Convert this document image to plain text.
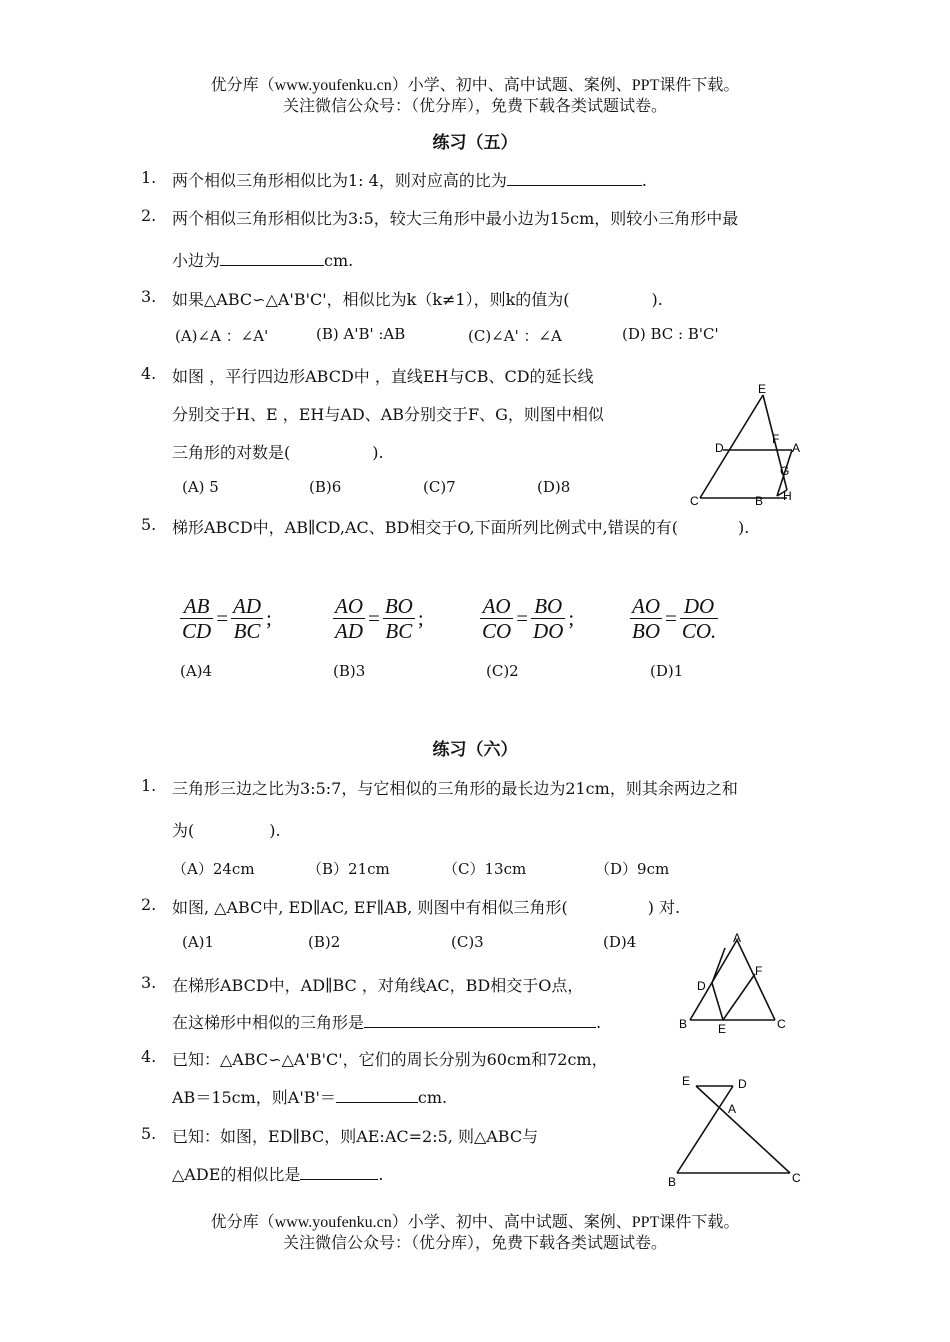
优分库（www.youfenku.cn）小学、初中、高中试题、案例、PPT课件下载。
关注微信公众号：（优分库），免费下载各类试题试卷。
练习（五）
1. 两个相似三角形相似比为1: 4，则对应高的比为	.
2. 两个相似三角形相似比为3:5，较大三角形中最小边为15cm，则较小三角形中最
小边为	cm.
3. 如果△ABC∽△A'B'C'，相似比为k（k≠1），则k的值为(	).
(A)∠A ：∠A'	(B) A'B' :AB	(C)∠A' ：∠A	(D) BC : B'C'
4. 如图 ，平行四边形ABCD中 ，直线EH与CB、CD的延长线
分别交于H、E ，EH与AD、AB分别交于F、G，则图中相似
三角形的对数是(	).
(A) 5	(B)6	(C)7	(D)8
E
D
F
A
G
C	B H
5. 梯形ABCD中，AB∥CD,AC、BD相交于O,下面所列比例式中,错误的有(	).
$\frac{AB}{CD} = \frac{AD}{BC}$ ;	$\frac{AO}{AD} = \frac{BO}{BC}$ ;	$\frac{AO}{CO} = \frac{BO}{DO}$ ;	$\frac{AO}{BO} = \frac{DO}{CO.}$
(A)4	(B)3	(C)2	(D)1
练习（六）
1. 三角形三边之比为3:5:7，与它相似的三角形的最长边为21cm，则其余两边之和
为(	).
（A）24cm	（B）21cm	（C）13cm	（D）9cm
2. 如图, △ABC中, ED∥AC, EF∥AB, 则图中有相似三角形(	) 对.
(A)1	(B)2	(C)3	(D)4	A
F
D
B	E	C
3. 在梯形ABCD中，AD∥BC ，对角线AC，BD相交于O点，
在这梯形中相似的三角形是	.
4. 已知：△ABC∽△A'B'C'，它们的周长分别为60cm和72cm，
AB＝15cm，则A'B'＝	cm.
E	D
A
B	C
5. 已知：如图，ED∥BC，则AE:AC=2:5, 则△ABC与
△ADE的相似比是	.
优分库（www.youfenku.cn）小学、初中、高中试题、案例、PPT课件下载。
关注微信公众号：（优分库），免费下载各类试题试卷。
